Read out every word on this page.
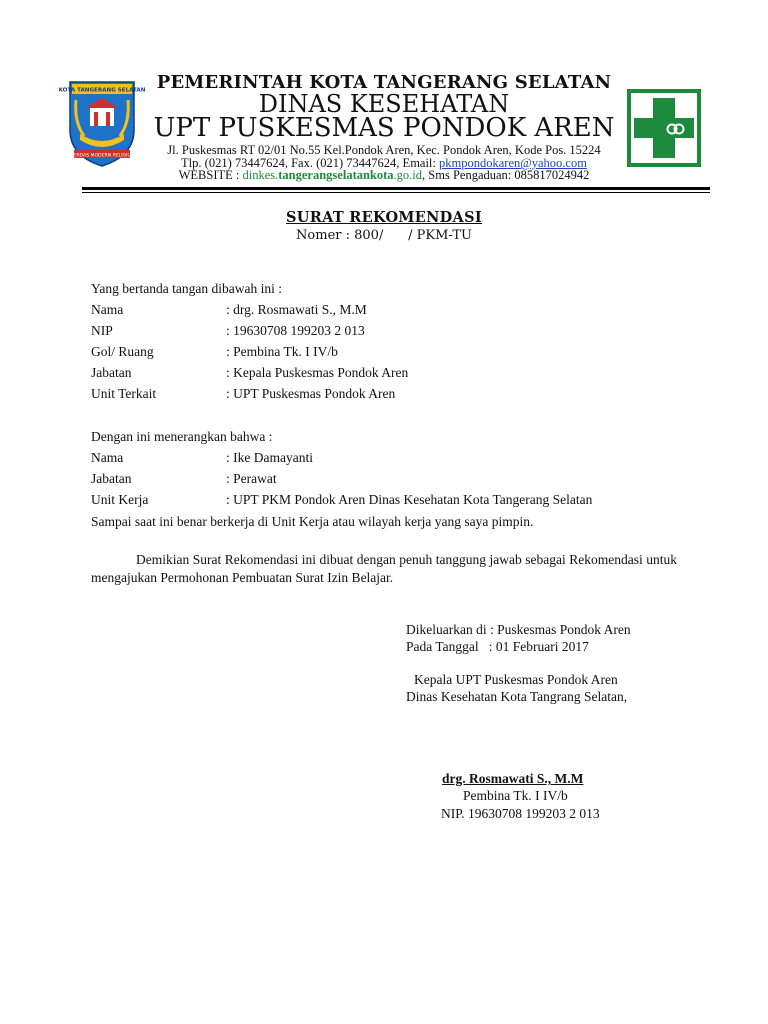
KOTA TANGERANG SELATAN
CERDAS MODERN RELIGIUS
PEMERINTAH KOTA TANGERANG SELATAN
DINAS KESEHATAN
UPT PUSKESMAS PONDOK AREN
Jl. Puskesmas RT 02/01 No.55 Kel.Pondok Aren, Kec. Pondok Aren, Kode Pos. 15224
Tlp. (021) 73447624, Fax. (021) 73447624, Email: pkmpondokaren@yahoo.com
WEBSITE : dinkes.tangerangselatankota.go.id, Sms Pengaduan: 085817024942
SURAT REKOMENDASI
Nomer : 800/      / PKM-TU
Yang bertanda tangan dibawah ini :
Nama	: drg. Rosmawati S., M.M
NIP	: 19630708 199203 2 013
Gol/ Ruang	: Pembina Tk. I IV/b
Jabatan	: Kepala Puskesmas Pondok Aren
Unit Terkait	: UPT Puskesmas Pondok Aren
Dengan ini menerangkan bahwa :
Nama	: Ike Damayanti
Jabatan	: Perawat
Unit Kerja	: UPT PKM Pondok Aren Dinas Kesehatan Kota Tangerang Selatan
Sampai saat ini benar berkerja di Unit Kerja atau wilayah kerja yang saya pimpin.
Demikian Surat Rekomendasi ini dibuat dengan penuh tanggung jawab sebagai Rekomendasi untuk mengajukan Permohonan Pembuatan Surat Izin Belajar.
Dikeluarkan di : Puskesmas Pondok Aren
Pada Tanggal   : 01 Februari 2017
Kepala UPT Puskesmas Pondok Aren
Dinas Kesehatan Kota Tangrang Selatan,
drg. Rosmawati S., M.M
Pembina Tk. I IV/b
NIP. 19630708 199203 2 013
